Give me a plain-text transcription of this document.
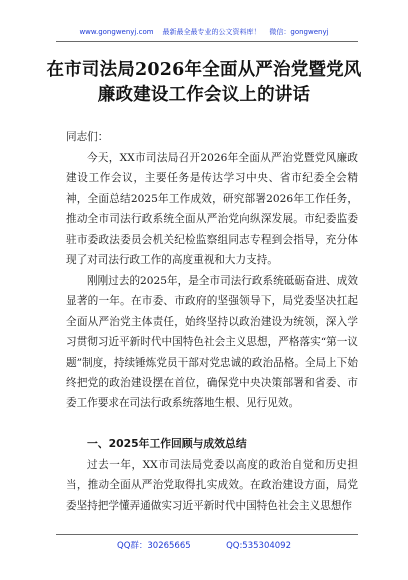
www.gongwenyj.com 最新最全最专业的公文资料库！ 微信：gongwenyj
在市司法局2026年全面从严治党暨党风廉政建设工作会议上的讲话
同志们：

今天，XX市司法局召开2026年全面从严治党暨党风廉政建设工作会议，主要任务是传达学习中央、省市纪委全会精神，全面总结2025年工作成效，研究部署2026年工作任务，推动全市司法行政系统全面从严治党向纵深发展。市纪委监委驻市委政法委员会机关纪检监察组同志专程到会指导，充分体现了对司法行政工作的高度重视和大力支持。

刚刚过去的2025年，是全市司法行政系统砥砺奋进、成效显著的一年。在市委、市政府的坚强领导下，局党委坚决扛起全面从严治党主体责任，始终坚持以政治建设为统领，深入学习贯彻习近平新时代中国特色社会主义思想，严格落实“第一议题”制度，持续锤炼党员干部对党忠诚的政治品格。全局上下始终把党的政治建设摆在首位，确保党中央决策部署和省委、市委工作要求在司法行政系统落地生根、见行见效。

一、2025年工作回顾与成效总结

过去一年，XX市司法局党委以高度的政治自觉和历史担当，推动全面从严治党取得扎实成效。在政治建设方面，局党委坚持把学懂弄通做实习近平新时代中国特色社会主义思想作

QQ群：30265665	QQ:535304092
